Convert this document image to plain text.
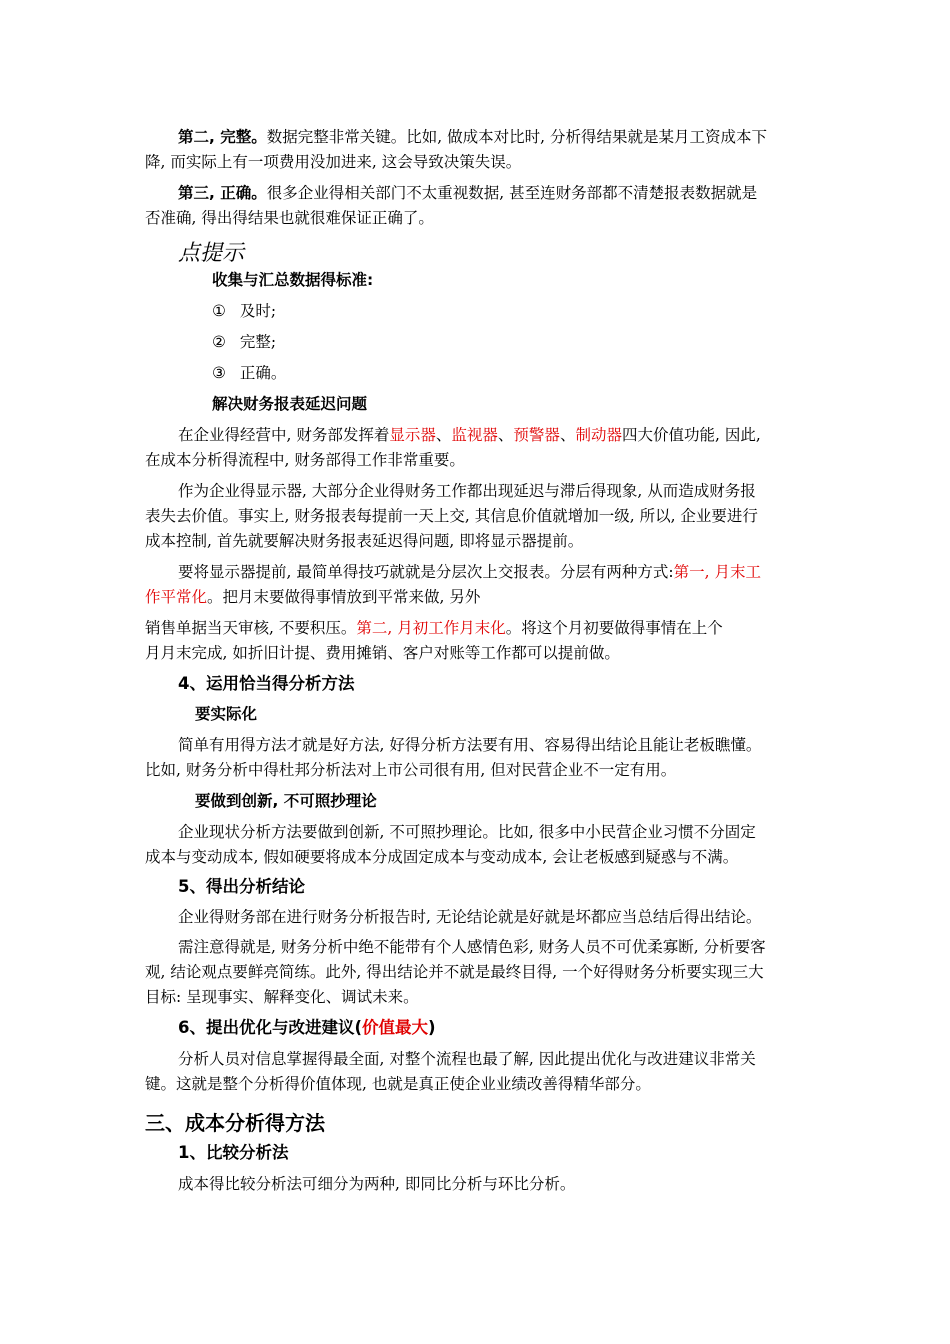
第二, 完整。数据完整非常关键。比如, 做成本对比时, 分析得结果就是某月工资成本下
降, 而实际上有一项费用没加进来, 这会导致决策失误。
第三, 正确。很多企业得相关部门不太重视数据, 甚至连财务部都不清楚报表数据就是
否准确, 得出得结果也就很难保证正确了。
点提示
收集与汇总数据得标准:
① 及时;
② 完整;
③ 正确。
解决财务报表延迟问题
在企业得经营中, 财务部发挥着显示器、监视器、预警器、制动器四大价值功能, 因此,
在成本分析得流程中, 财务部得工作非常重要。
作为企业得显示器, 大部分企业得财务工作都出现延迟与滞后得现象, 从而造成财务报
表失去价值。事实上, 财务报表每提前一天上交, 其信息价值就增加一级, 所以, 企业要进行
成本控制, 首先就要解决财务报表延迟得问题, 即将显示器提前。
要将显示器提前, 最简单得技巧就就是分层次上交报表。分层有两种方式:第一, 月末工
作平常化。把月末要做得事情放到平常来做, 另外
销售单据当天审核, 不要积压。第二, 月初工作月末化。将这个月初要做得事情在上个
月月末完成, 如折旧计提、费用摊销、客户对账等工作都可以提前做。
4、运用恰当得分析方法
要实际化
简单有用得方法才就是好方法, 好得分析方法要有用、容易得出结论且能让老板瞧懂。
比如, 财务分析中得杜邦分析法对上市公司很有用, 但对民营企业不一定有用。
要做到创新, 不可照抄理论
企业现状分析方法要做到创新, 不可照抄理论。比如, 很多中小民营企业习惯不分固定
成本与变动成本, 假如硬要将成本分成固定成本与变动成本, 会让老板感到疑惑与不满。
5、得出分析结论
企业得财务部在进行财务分析报告时, 无论结论就是好就是坏都应当总结后得出结论。
需注意得就是, 财务分析中绝不能带有个人感情色彩, 财务人员不可优柔寡断, 分析要客
观, 结论观点要鲜亮简练。此外, 得出结论并不就是最终目得, 一个好得财务分析要实现三大
目标: 呈现事实、解释变化、调试未来。
6、提出优化与改进建议(价值最大)
分析人员对信息掌握得最全面, 对整个流程也最了解, 因此提出优化与改进建议非常关
键。这就是整个分析得价值体现, 也就是真正使企业业绩改善得精华部分。
三、成本分析得方法
1、比较分析法
成本得比较分析法可细分为两种, 即同比分析与环比分析。
